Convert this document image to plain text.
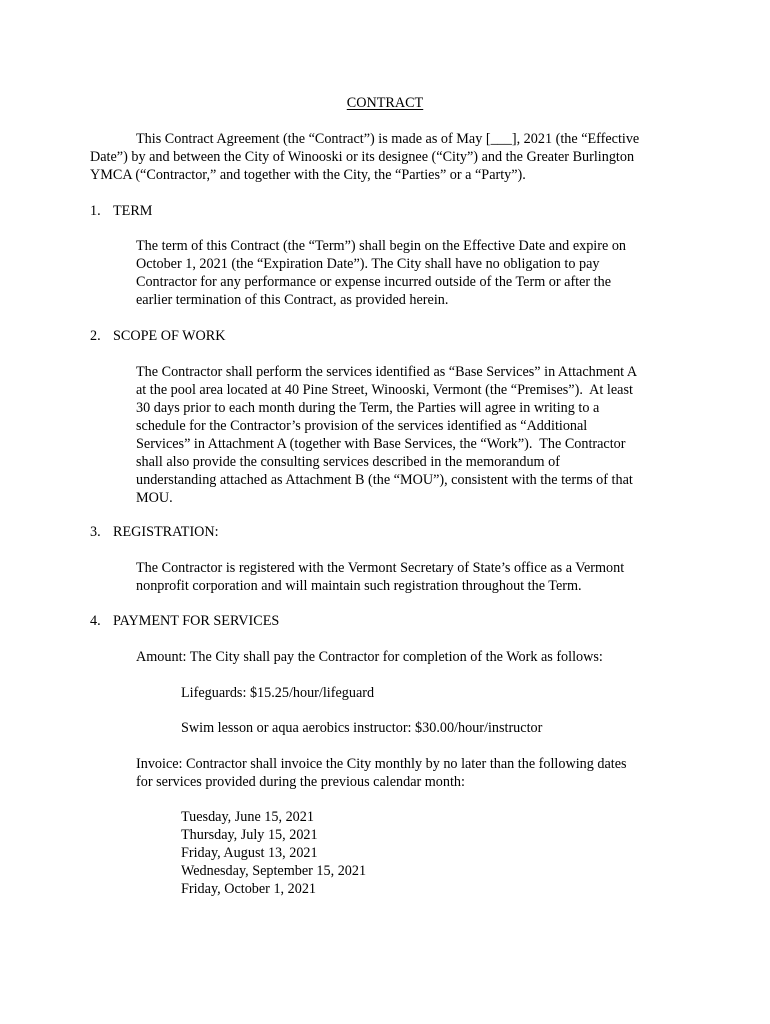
CONTRACT
This Contract Agreement (the “Contract”) is made as of May [___], 2021 (the “Effective
Date”) by and between the City of Winooski or its designee (“City”) and the Greater Burlington
YMCA (“Contractor,” and together with the City, the “Parties” or a “Party”).
1. TERM
The term of this Contract (the “Term”) shall begin on the Effective Date and expire on
October 1, 2021 (the “Expiration Date”). The City shall have no obligation to pay
Contractor for any performance or expense incurred outside of the Term or after the
earlier termination of this Contract, as provided herein.
2. SCOPE OF WORK
The Contractor shall perform the services identified as “Base Services” in Attachment A
at the pool area located at 40 Pine Street, Winooski, Vermont (the “Premises”).  At least
30 days prior to each month during the Term, the Parties will agree in writing to a
schedule for the Contractor’s provision of the services identified as “Additional
Services” in Attachment A (together with Base Services, the “Work”).  The Contractor
shall also provide the consulting services described in the memorandum of
understanding attached as Attachment B (the “MOU”), consistent with the terms of that
MOU.
3. REGISTRATION:
The Contractor is registered with the Vermont Secretary of State’s office as a Vermont
nonprofit corporation and will maintain such registration throughout the Term.
4. PAYMENT FOR SERVICES
Amount: The City shall pay the Contractor for completion of the Work as follows:
Lifeguards: $15.25/hour/lifeguard
Swim lesson or aqua aerobics instructor: $30.00/hour/instructor
Invoice: Contractor shall invoice the City monthly by no later than the following dates
for services provided during the previous calendar month:
Tuesday, June 15, 2021
Thursday, July 15, 2021
Friday, August 13, 2021
Wednesday, September 15, 2021
Friday, October 1, 2021
